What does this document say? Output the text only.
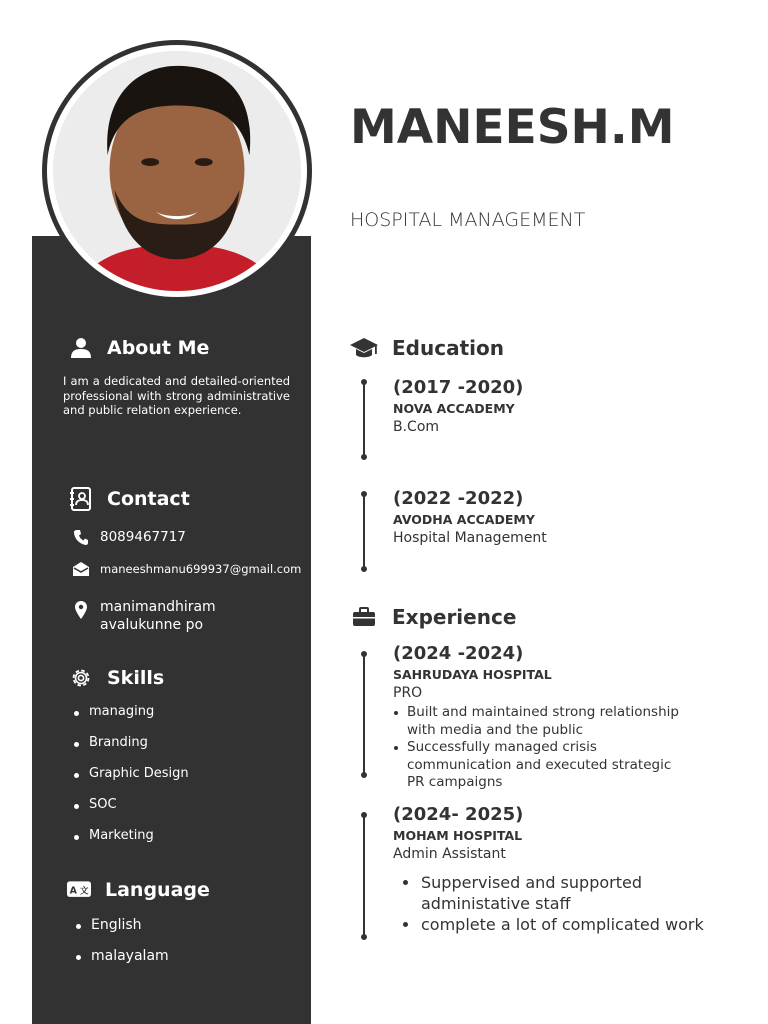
MANEESH.M
HOSPITAL MANAGEMENT
About Me
I am a dedicated and detailed-oriented professional with strong administrative and public relation experience.
Contact
8089467717
maneeshmanu699937@gmail.com
manimandhiram
avalukunne po
Skills
managing
Branding
Graphic Design
SOC
Marketing
A 文 Language
English
malayalam
Education
(2017 -2020)
NOVA ACCADEMY
B.Com
(2022 -2022)
AVODHA ACCADEMY
Hospital Management
Experience
(2024 -2024)
SAHRUDAYA HOSPITAL
PRO
Built and maintained strong relationship with media and the public
Successfully managed crisis communication and executed strategic PR campaigns
(2024- 2025)
MOHAM HOSPITAL
Admin Assistant
Suppervised and supported administative staff
complete a lot of complicated work
